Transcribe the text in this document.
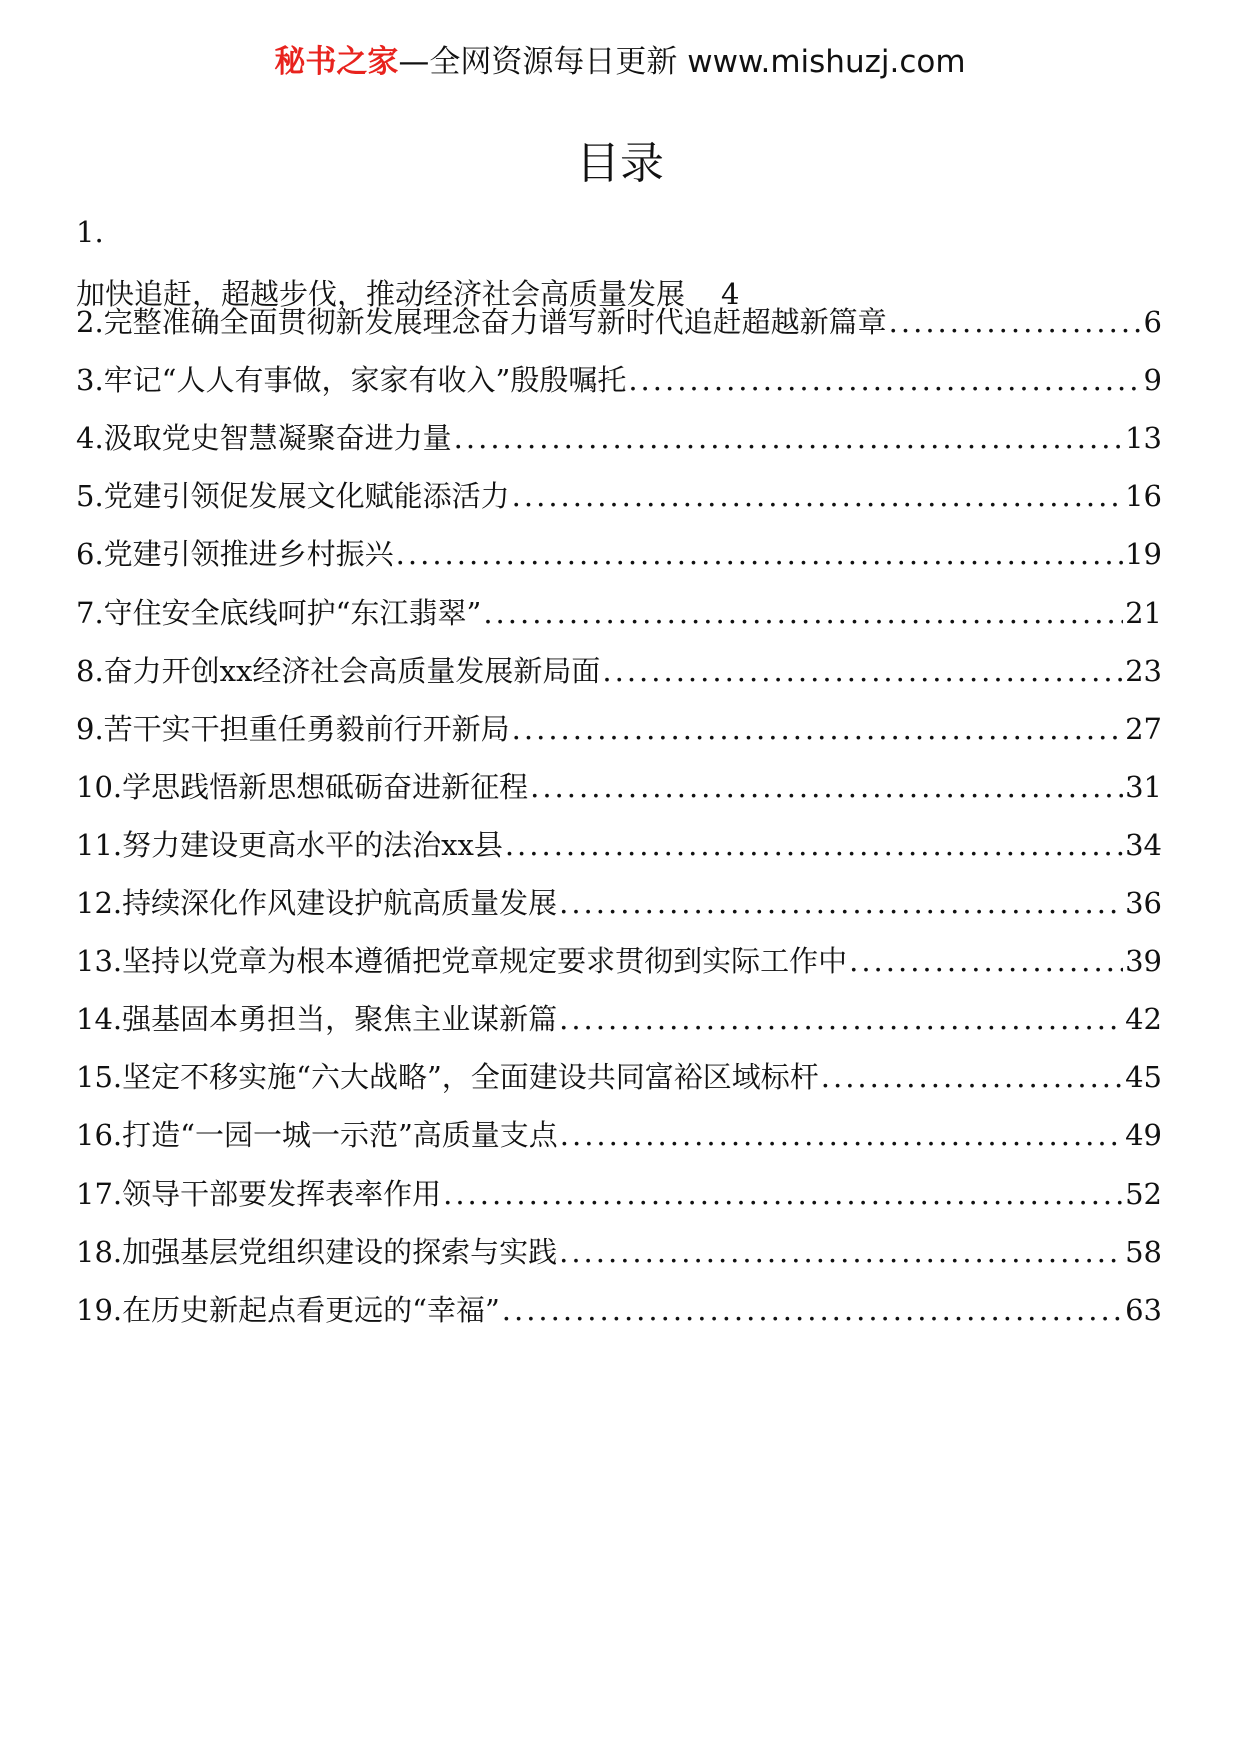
秘书之家—全网资源每日更新 www.mishuzj.com
目录
1.
加快追赶，超越步伐，推动经济社会高质量发展 4
2.完整准确全面贯彻新发展理念奋力谱写新时代追赶超越新篇章 .....	6
3.牢记“人人有事做，家家有收入”殷殷嘱托 .....	9
4.汲取党史智慧凝聚奋进力量 .....	13
5.党建引领促发展文化赋能添活力 .....	16
6.党建引领推进乡村振兴 .....	19
7.守住安全底线呵护“东江翡翠” .....	21
8.奋力开创xx经济社会高质量发展新局面 .....	23
9.苦干实干担重任勇毅前行开新局 .....	27
10.学思践悟新思想砥砺奋进新征程 .....	31
11.努力建设更高水平的法治xx县 .....	34
12.持续深化作风建设护航高质量发展 .....	36
13.坚持以党章为根本遵循把党章规定要求贯彻到实际工作中 .....	39
14.强基固本勇担当，聚焦主业谋新篇 .....	42
15.坚定不移实施“六大战略”，全面建设共同富裕区域标杆 .....	45
16.打造“一园一城一示范”高质量支点 .....	49
17.领导干部要发挥表率作用 .....	52
18.加强基层党组织建设的探索与实践 .....	58
19.在历史新起点看更远的“幸福” .....	63
